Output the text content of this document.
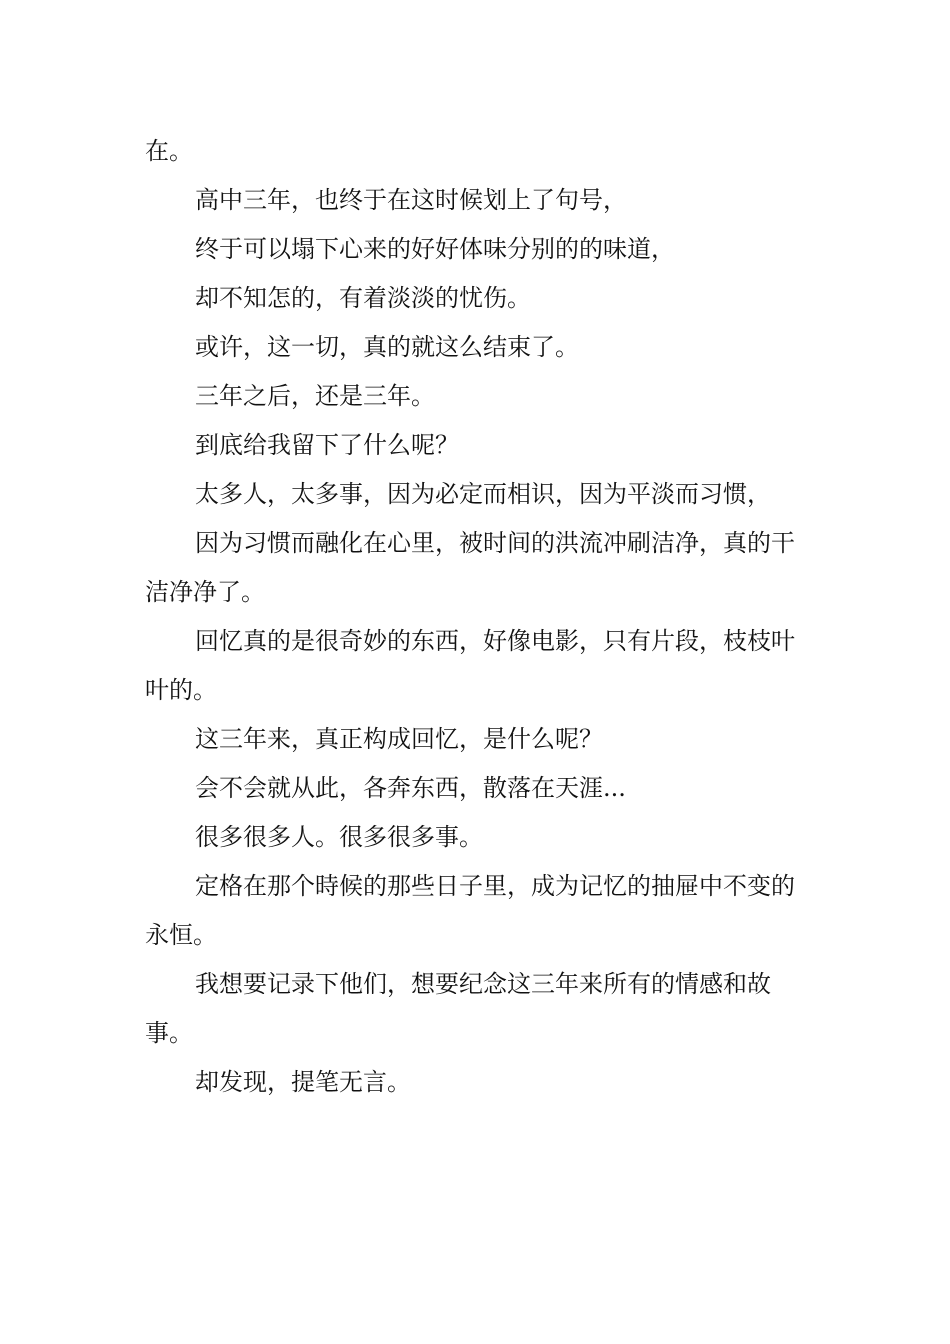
在。

高中三年，也终于在这时候划上了句号，

终于可以塌下心来的好好体味分别的的味道，

却不知怎的，有着淡淡的忧伤。

或许，这一切，真的就这么结束了。

三年之后，还是三年。

到底给我留下了什么呢？

太多人，太多事，因为必定而相识，因为平淡而习惯，

因为习惯而融化在心里，被时间的洪流冲刷洁净，真的干洁净净了。

回忆真的是很奇妙的东西，好像电影，只有片段，枝枝叶叶的。

这三年来，真正构成回忆，是什么呢？

会不会就从此，各奔东西，散落在天涯...

很多很多人。很多很多事。

定格在那个時候的那些日子里，成为记忆的抽屉中不变的永恒。

我想要记录下他们，想要纪念这三年来所有的情感和故事。

却发现，提笔无言。
